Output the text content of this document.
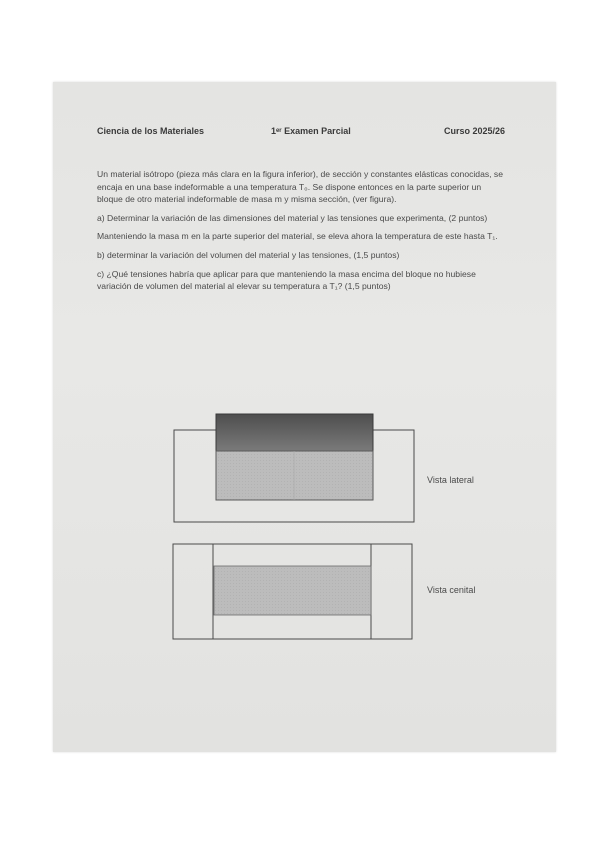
Ciencia de los Materiales	1ᵉʳ Examen Parcial	Curso 2025/26

Un material isótropo (pieza más clara en la figura inferior), de sección y constantes elásticas conocidas, se encaja en una base indeformable a una temperatura T₀. Se dispone entonces en la parte superior un bloque de otro material indeformable de masa m y misma sección, (ver figura).

a) Determinar la variación de las dimensiones del material y las tensiones que experimenta, (2 puntos)

Manteniendo la masa m en la parte superior del material, se eleva ahora la temperatura de este hasta T₁.

b) determinar la variación del volumen del material y las tensiones, (1,5 puntos)

c) ¿Qué tensiones habría que aplicar para que manteniendo la masa encima del bloque no hubiese variación de volumen del material al elevar su temperatura a T₁? (1,5 puntos)

Vista lateral
Vista cenital
